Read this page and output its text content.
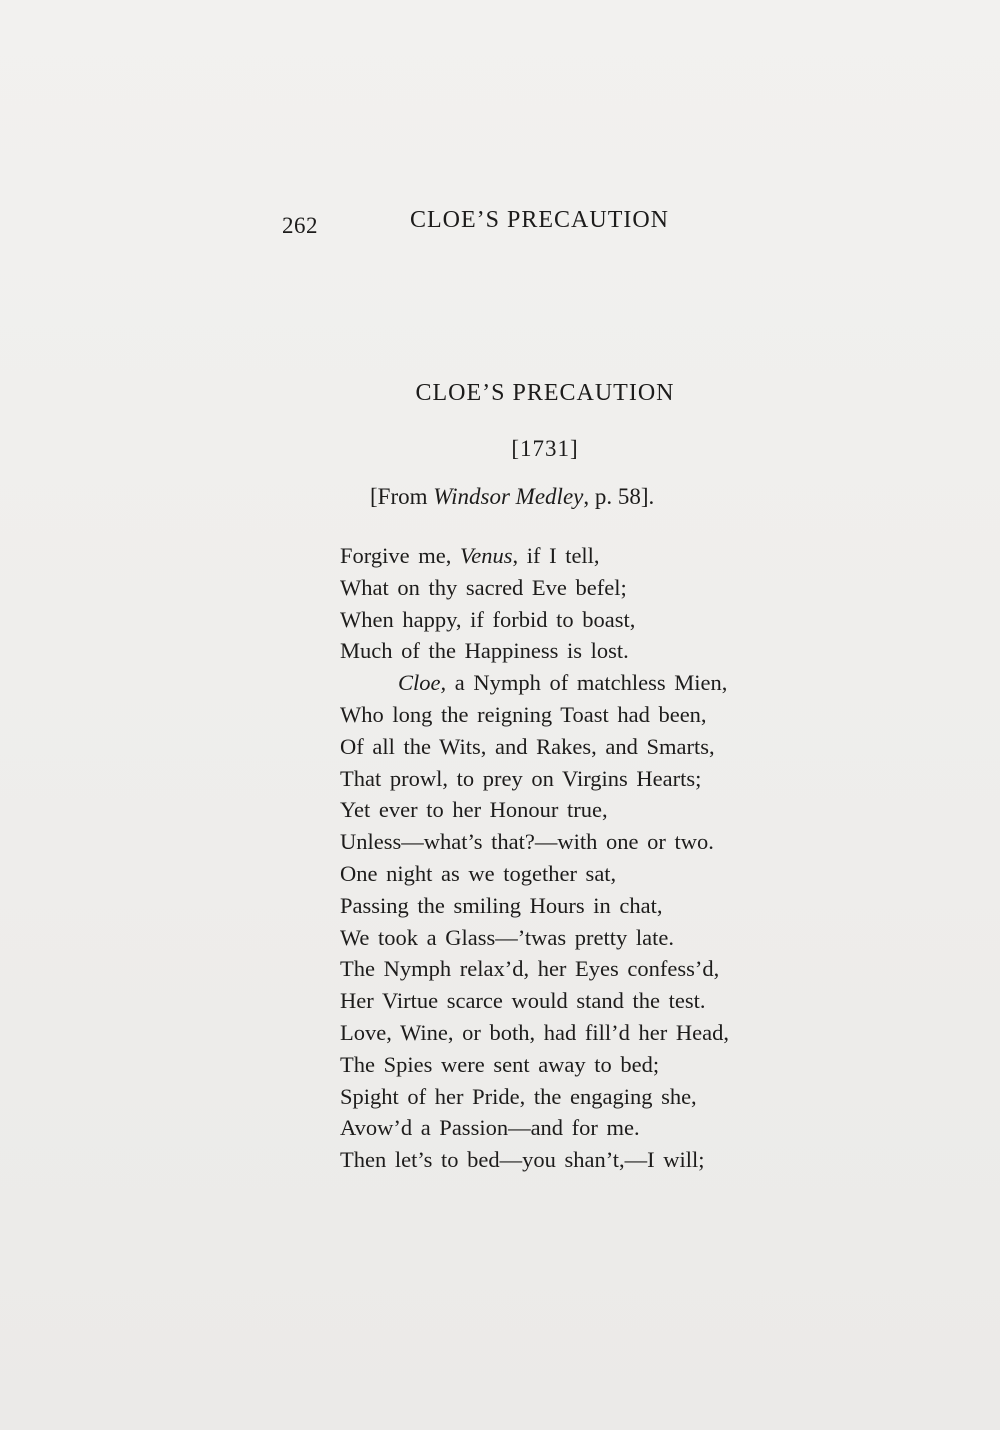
262	CLOE’S PRECAUTION
CLOE’S PRECAUTION
[1731]
[From Windsor Medley, p. 58].
Forgive me, Venus, if I tell,
What on thy sacred Eve befel;
When happy, if forbid to boast,
Much of the Happiness is lost.
Cloe, a Nymph of matchless Mien,
Who long the reigning Toast had been,
Of all the Wits, and Rakes, and Smarts,
That prowl, to prey on Virgins Hearts;
Yet ever to her Honour true,
Unless—what’s that?—with one or two.
One night as we together sat,
Passing the smiling Hours in chat,
We took a Glass—’twas pretty late.
The Nymph relax’d, her Eyes confess’d,
Her Virtue scarce would stand the test.
Love, Wine, or both, had fill’d her Head,
The Spies were sent away to bed;
Spight of her Pride, the engaging she,
Avow’d a Passion—and for me.
Then let’s to bed—you shan’t,—I will;
